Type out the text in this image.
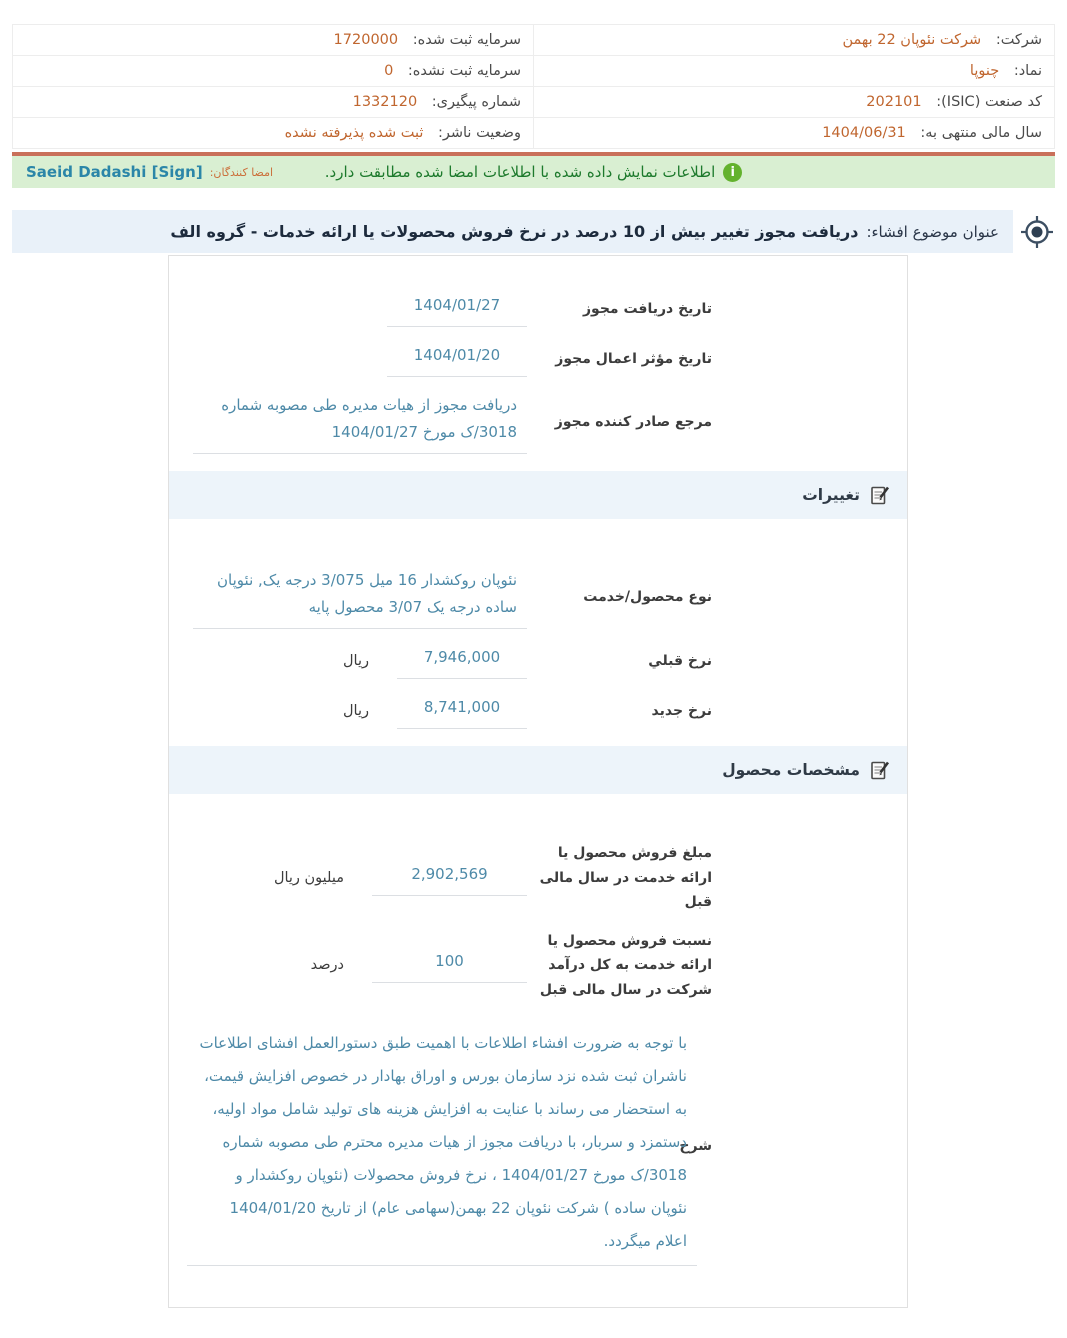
شرکت: شرکت نئوپان 22 بهمن	سرمایه ثبت شده: 1720000
نماد: چنوپا	سرمایه ثبت نشده: 0
کد صنعت (ISIC): 202101	شماره پیگیری: 1332120
سال مالی منتهی به: 1404/06/31	وضعیت ناشر: ثبت شده پذیرفته نشده
i
اطلاعات نمایش داده شده با اطلاعات امضا شده مطابقت دارد.
امضا کنندگان:
Saeid Dadashi [Sign]
عنوان موضوع افشاء:
دریافت مجوز تغییر بیش از 10 درصد در نرخ فروش محصولات یا ارائه خدمات - گروه الف
تاریخ دریافت مجوز
1404/01/27
تاریخ مؤثر اعمال مجوز
1404/01/20
مرجع صادر کننده مجوز
دریافت مجوز از هیات مدیره طی مصوبه شماره 3018/ک مورخ 1404/01/27
تغییرات
نوع محصول/خدمت
نئوپان روکشدار 16 میل 3/075 درجه یک, نئوپان ساده درجه یک 3/07 محصول پایه
نرخ قبلي
7,946,000
ریال
نرخ جدید
8,741,000
ریال
مشخصات محصول
مبلغ فروش محصول یا ارائه خدمت در سال مالی قبل
2,902,569
میلیون ریال
نسبت فروش محصول یا ارائه خدمت به کل درآمد شرکت در سال مالی قبل
100
درصد
شرح
با توجه به ضرورت افشاء اطلاعات با اهمیت طبق دستورالعمل افشای اطلاعات ناشران ثبت شده نزد سازمان بورس و اوراق بهادار در خصوص افزایش قیمت، به استحضار می رساند با عنایت به افزایش هزینه های تولید شامل مواد اولیه، دستمزد و سربار، با دریافت مجوز از هیات مدیره محترم طی مصوبه شماره 3018/ک مورخ 1404/01/27 ، نرخ فروش محصولات (نئوپان روکشدار و نئوپان ساده ) شرکت نئوپان 22 بهمن(سهامی عام) از تاریخ 1404/01/20 اعلام میگردد.
